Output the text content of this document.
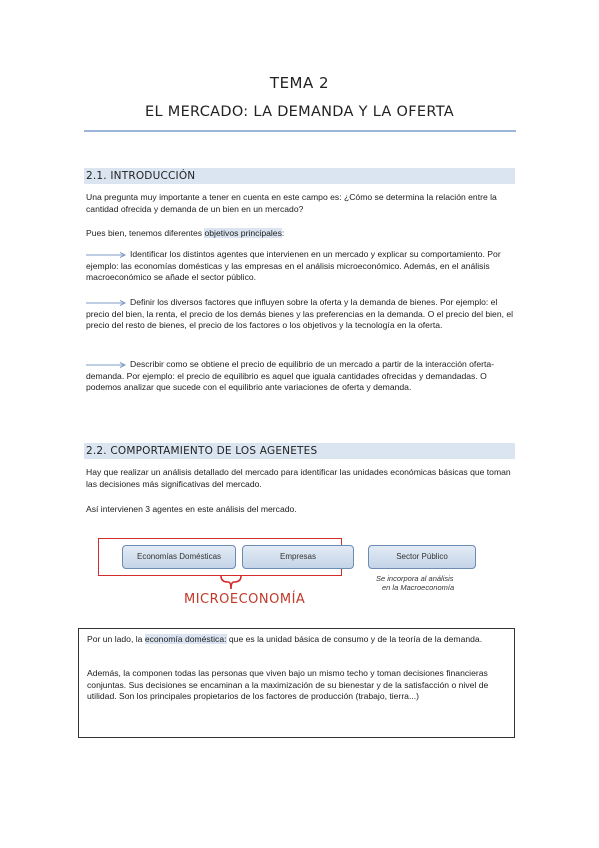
TEMA 2
EL MERCADO: LA DEMANDA Y LA OFERTA
2.1. INTRODUCCIÓN

Una pregunta muy importante a tener en cuenta en este campo es: ¿Cómo se determina la relación entre la cantidad ofrecida y demanda de un bien en un mercado?

Pues bien, tenemos diferentes objetivos principales:

Identificar los distintos agentes que intervienen en un mercado y explicar su comportamiento. Por ejemplo: las economías domésticas y las empresas en el análisis microeconómico. Además, en el análisis macroeconómico se añade el sector público.

Definir los diversos factores que influyen sobre la oferta y la demanda de bienes. Por ejemplo: el precio del bien, la renta, el precio de los demás bienes y las preferencias en la demanda. O el precio del bien, el precio del resto de bienes, el precio de los factores o los objetivos y la tecnología en la oferta.

Describir como se obtiene el precio de equilibrio de un mercado a partir de la interacción oferta-demanda. Por ejemplo: el precio de equilibrio es aquel que iguala cantidades ofrecidas y demandadas. O podemos analizar que sucede con el equilibrio ante variaciones de oferta y demanda.

2.2. COMPORTAMIENTO DE LOS AGENETES

Hay que realizar un análisis detallado del mercado para identificar las unidades económicas básicas que toman las decisiones más significativas del mercado.

Así intervienen 3 agentes en este análisis del mercado.

Economías Domésticas	Empresas	Sector Público
MICROECONOMÍA
Se incorpora al análisis
en la Macroeconomía

Por un lado, la economía doméstica: que es la unidad básica de consumo y de la teoría de la demanda.

Además, la componen todas las personas que viven bajo un mismo techo y toman decisiones financieras conjuntas. Sus decisiones se encaminan a la maximización de su bienestar y de la satisfacción o nivel de utilidad. Son los principales propietarios de los factores de producción (trabajo, tierra...)
